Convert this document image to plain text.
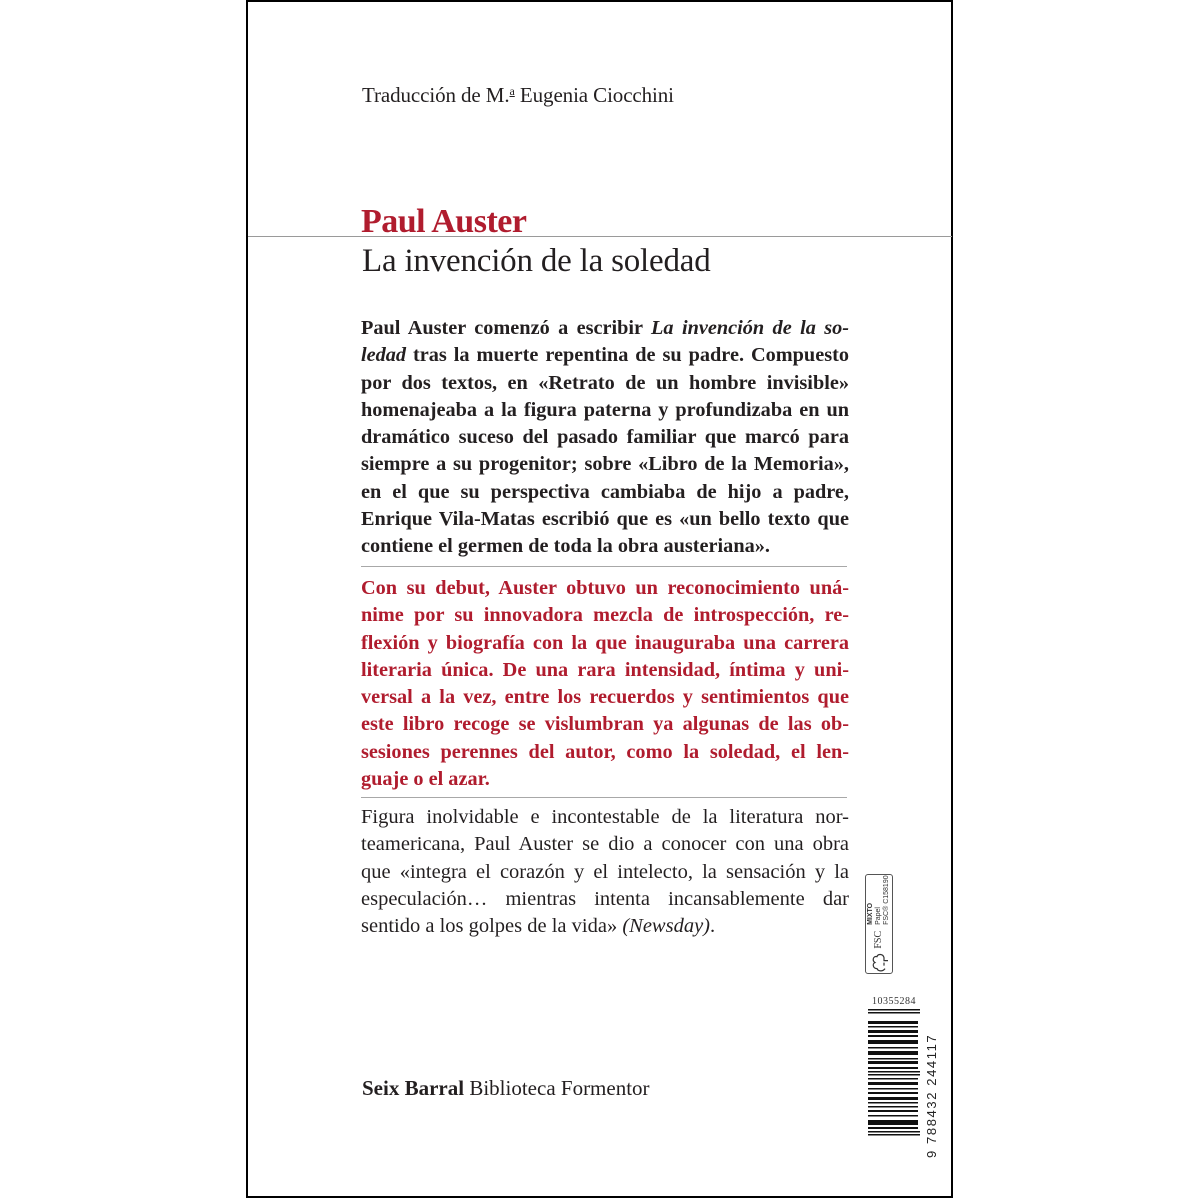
Traducción de M.$^a$ Eugenia Ciocchini
Paul Auster
La invención de la soledad
Paul Auster comenzó a escribir La invención de la so-
ledad tras la muerte repentina de su padre. Compuesto
por dos textos, en «Retrato de un hombre invisible»
homenajeaba a la figura paterna y profundizaba en un
dramático suceso del pasado familiar que marcó para
siempre a su progenitor; sobre «Libro de la Memoria»,
en el que su perspectiva cambiaba de hijo a padre,
Enrique Vila-Matas escribió que es «un bello texto que
contiene el germen de toda la obra austeriana».
Con su debut, Auster obtuvo un reconocimiento uná-
nime por su innovadora mezcla de introspección, re-
flexión y biografía con la que inauguraba una carrera
literaria única. De una rara intensidad, íntima y uni-
versal a la vez, entre los recuerdos y sentimientos que
este libro recoge se vislumbran ya algunas de las ob-
sesiones perennes del autor, como la soledad, el len-
guaje o el azar.
Figura inolvidable e incontestable de la literatura nor-
teamericana, Paul Auster se dio a conocer con una obra
que «integra el corazón y el intelecto, la sensación y la
especulación… mientras intenta incansablemente dar
sentido a los golpes de la vida» (Newsday).
Seix Barral Biblioteca Formentor
FSC
MIXTO Papel FSC® C158190
10355284
9 788432 244117
